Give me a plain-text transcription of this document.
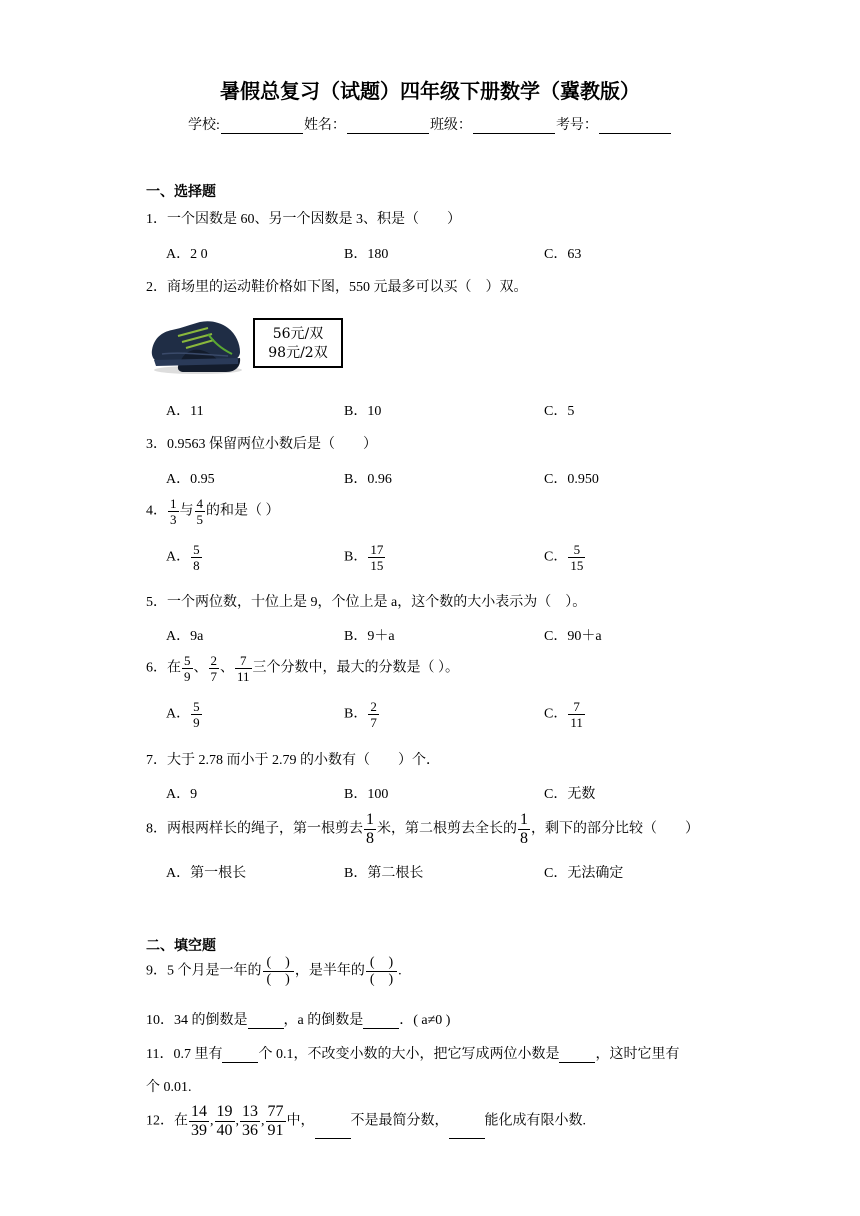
暑假总复习（试题）四年级下册数学（冀教版）
学校:	姓名：	班级：	考号：
一、选择题
1．一个因数是 60、另一个因数是 3、积是（　　）
A．2 0	B．180	C．63
2．商场里的运动鞋价格如下图，550 元最多可以买（　）双。
56元/双
98元/2双
A．11	B．10	C．5
3．0.9563 保留两位小数后是（　　）
A．0.95	B．0.96	C．0.950
4． $\frac{1}{3}$ 与 $\frac{4}{5}$ 的和是（ ）
A． $\frac{5}{8}$	B． $\frac{17}{15}$	C． $\frac{5}{15}$
5．一个两位数，十位上是 9，个位上是 a，这个数的大小表示为（　）。
A．9a	B．9＋a	C．90＋a
6．在 $\frac{5}{9}$ 、 $\frac{2}{7}$ 、 $\frac{7}{11}$ 三个分数中，最大的分数是（ ）。
A． $\frac{5}{9}$	B． $\frac{2}{7}$	C． $\frac{7}{11}$
7．大于 2.78 而小于 2.79 的小数有（　　）个．
A．9	B．100	C．无数
8．两根两样长的绳子，第一根剪去 $\frac{1}{8}$ 米，第二根剪去全长的 $\frac{1}{8}$ ，剩下的部分比较（　　）
A．第一根长	B．第二根长	C．无法确定
二、填空题
9．5 个月是一年的
(　)
(　)
，是半年的
(　)
(　)
.
10．34 的倒数是	，a 的倒数是	．( a≠0 )
11．0.7 里有	个 0.1，不改变小数的大小，把它写成两位小数是	，这时它里有
个 0.01.
12．在 $\frac{14}{39}$ , $\frac{19}{40}$ , $\frac{13}{36}$ , $\frac{77}{91}$ 中，	不是最简分数，	能化成有限小数.
